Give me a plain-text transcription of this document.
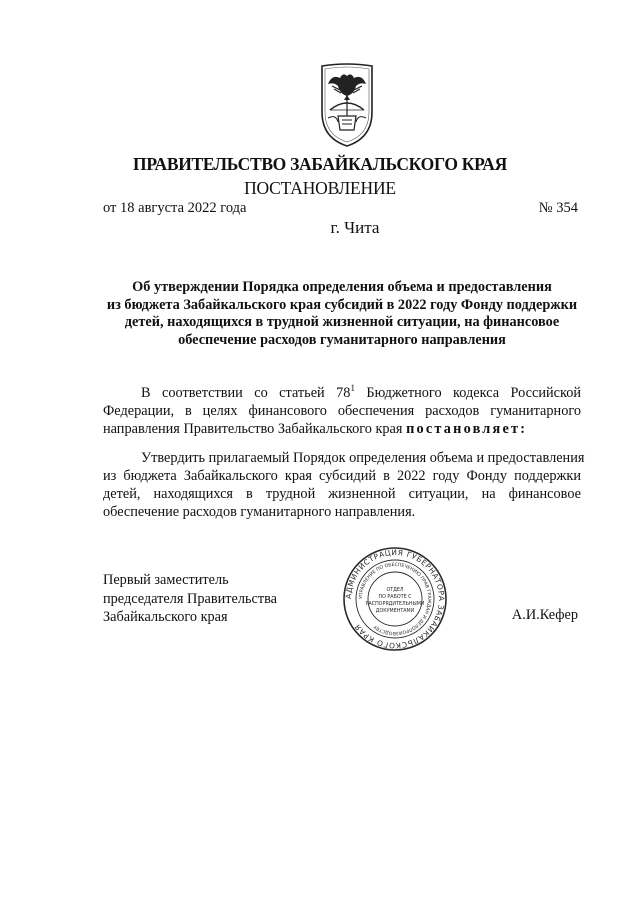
ПРАВИТЕЛЬСТВО ЗАБАЙКАЛЬСКОГО КРАЯ
ПОСТАНОВЛЕНИЕ
от 18 августа 2022 года	№ 354
г. Чита
Об утверждении Порядка определения объема и предоставления
из бюджета Забайкальского края субсидий в 2022 году Фонду поддержки
детей, находящихся в трудной жизненной ситуации, на финансовое
обеспечение расходов гуманитарного направления
В соответствии со статьей $78^1$ Бюджетного кодекса Российской
Федерации, в целях финансового обеспечения расходов гуманитарного
направления Правительство Забайкальского края постановляет:
Утвердить прилагаемый Порядок определения объема и предоставления
из бюджета Забайкальского края субсидий в 2022 году Фонду поддержки
детей, находящихся в трудной жизненной ситуации, на финансовое
обеспечение расходов гуманитарного направления.
Первый заместитель
председателя Правительства
Забайкальского края	А.И.Кефер
АДМИНИСТРАЦИЯ ГУБЕРНАТОРА ЗАБАЙКАЛЬСКОГО КРАЯ
УПРАВЛЕНИЕ ПО ОБЕСПЕЧЕНИЮ ПРАВ ГРАЖДАН И ДЕЛОПРОИЗВОДСТВУ
ОТДЕЛ
ПО РАБОТЕ С
РАСПОРЯДИТЕЛЬНЫМИ
ДОКУМЕНТАМИ
